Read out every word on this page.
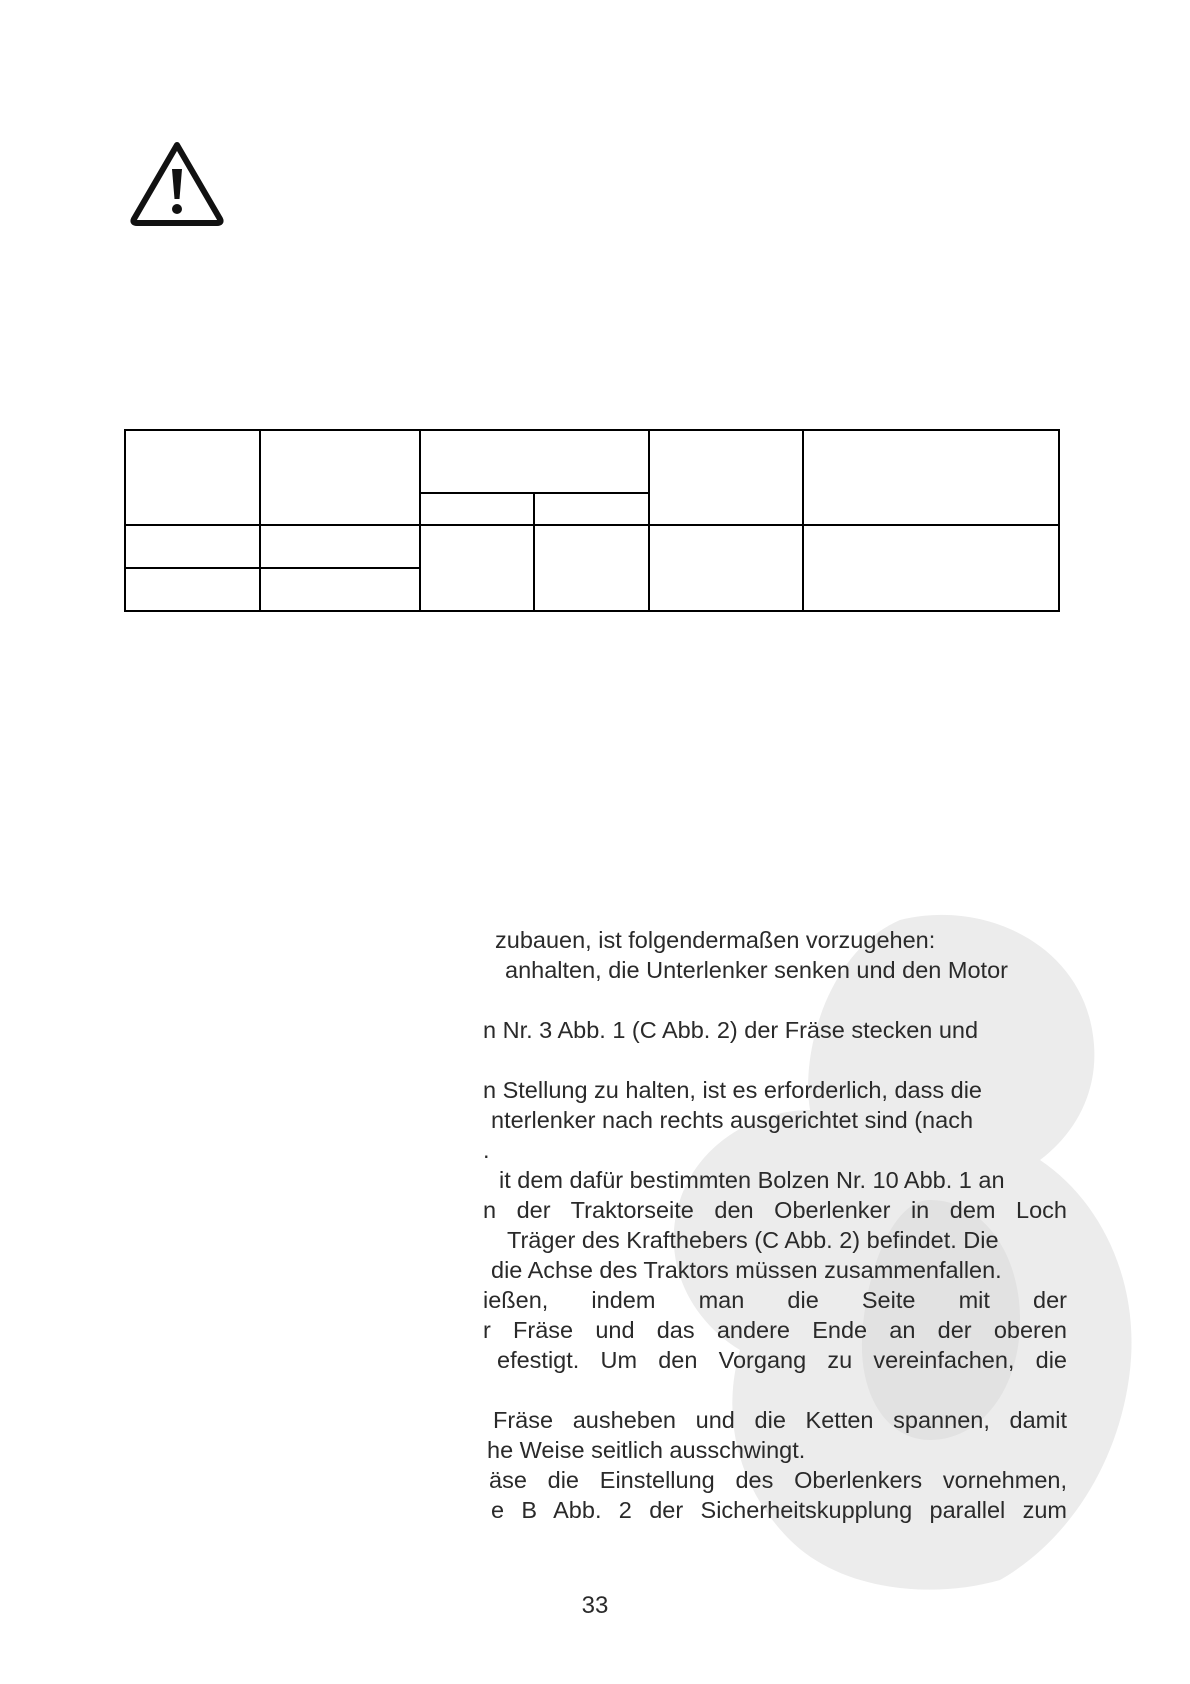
zubauen, ist folgendermaßen vorzugehen:
anhalten, die Unterlenker senken und den Motor
n Nr. 3 Abb. 1 (C Abb. 2) der Fräse stecken und
n Stellung zu halten, ist es erforderlich, dass die
nterlenker nach rechts ausgerichtet sind (nach
.
it dem dafür bestimmten Bolzen Nr. 10 Abb. 1 an
n der Traktorseite den Oberlenker in dem Loch
Träger des Krafthebers (C Abb. 2) befindet. Die
die Achse des Traktors müssen zusammenfallen.
ießen, indem man die Seite mit der
r Fräse und das andere Ende an der oberen
efestigt. Um den Vorgang zu vereinfachen, die
Fräse ausheben und die Ketten spannen, damit
he Weise seitlich ausschwingt.
äse die Einstellung des Oberlenkers vornehmen,
e B Abb. 2 der Sicherheitskupplung parallel zum
33
